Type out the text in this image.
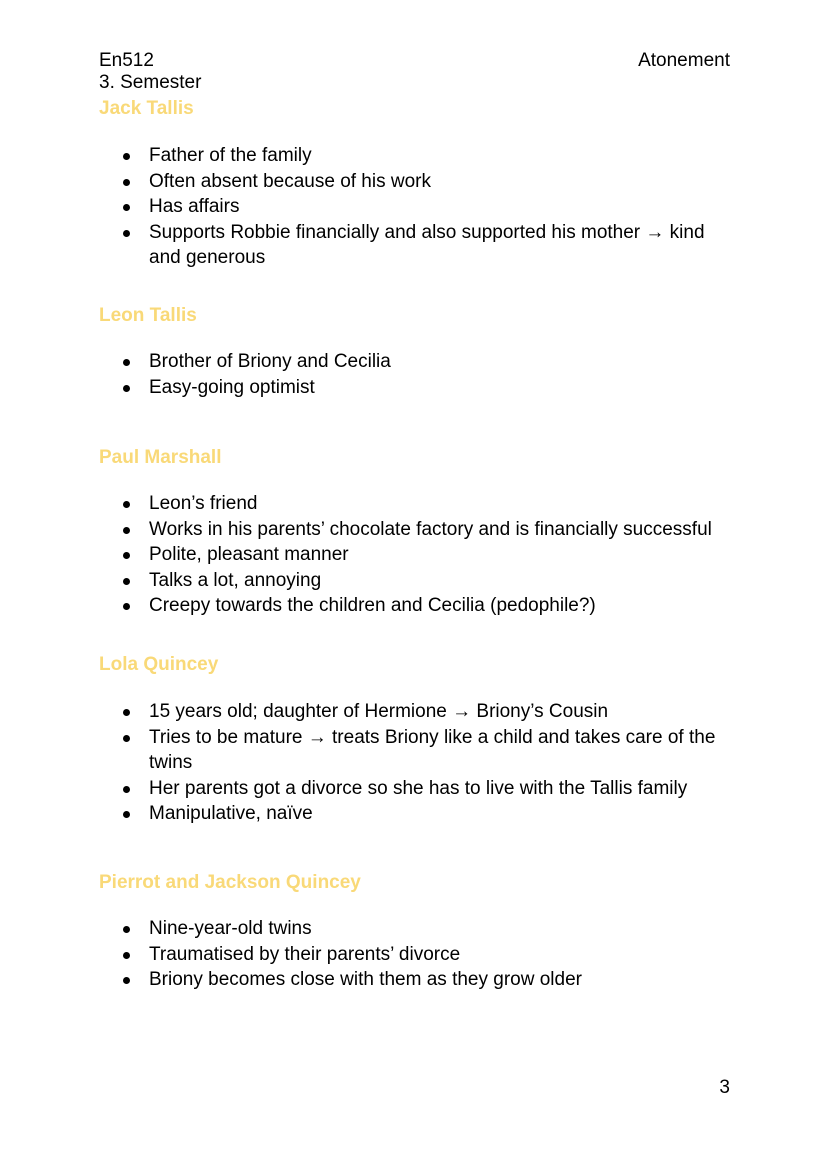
En512
3. Semester
Atonement
Jack Tallis
Father of the family
Often absent because of his work
Has affairs
Supports Robbie financially and also supported his mother → kind and generous
Leon Tallis
Brother of Briony and Cecilia
Easy-going optimist
Paul Marshall
Leon’s friend
Works in his parents’ chocolate factory and is financially successful
Polite, pleasant manner
Talks a lot, annoying
Creepy towards the children and Cecilia (pedophile?)
Lola Quincey
15 years old; daughter of Hermione → Briony’s Cousin
Tries to be mature → treats Briony like a child and takes care of the twins
Her parents got a divorce so she has to live with the Tallis family
Manipulative, naïve
Pierrot and Jackson Quincey
Nine-year-old twins
Traumatised by their parents’ divorce
Briony becomes close with them as they grow older
3
